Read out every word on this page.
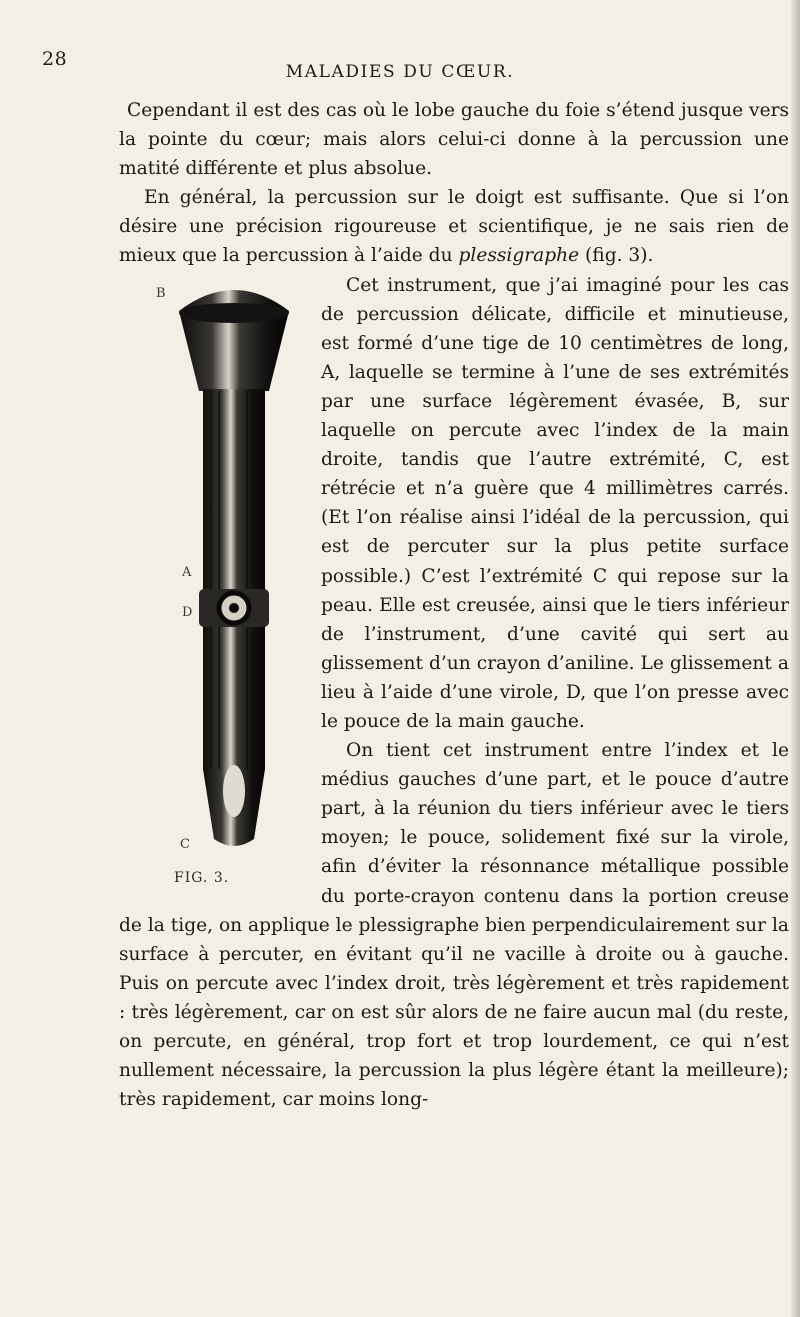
28
MALADIES DU CŒUR.

Cependant il est des cas où le lobe gauche du foie s’étend jusque vers la pointe du cœur; mais alors celui-ci donne à la percussion une matité différente et plus absolue.

En général, la percussion sur le doigt est suffisante. Que si l’on désire une précision rigoureuse et scientifique, je ne sais rien de mieux que la percussion à l’aide du plessigraphe (fig. 3).

B
A
D
C
FIG. 3.

Cet instrument, que j’ai imaginé pour les cas de percussion délicate, difficile et minutieuse, est formé d’une tige de 10 centimètres de long, A, laquelle se termine à l’une de ses extrémités par une surface légèrement évasée, B, sur laquelle on percute avec l’index de la main droite, tandis que l’autre extrémité, C, est rétrécie et n’a guère que 4 millimètres carrés. (Et l’on réalise ainsi l’idéal de la percussion, qui est de percuter sur la plus petite surface possible.) C’est l’extrémité C qui repose sur la peau. Elle est creusée, ainsi que le tiers inférieur de l’instrument, d’une cavité qui sert au glissement d’un crayon d’aniline. Le glissement a lieu à l’aide d’une virole, D, que l’on presse avec le pouce de la main gauche.

On tient cet instrument entre l’index et le médius gauches d’une part, et le pouce d’autre part, à la réunion du tiers inférieur avec le tiers moyen; le pouce, solidement fixé sur la virole, afin d’éviter la résonnance métallique possible du porte-crayon contenu dans la portion creuse de la tige, on applique le plessigraphe bien perpendiculairement sur la surface à percuter, en évitant qu’il ne vacille à droite ou à gauche. Puis on percute avec l’index droit, très légèrement et très rapidement : très légèrement, car on est sûr alors de ne faire aucun mal (du reste, on percute, en général, trop fort et trop lourdement, ce qui n’est nullement nécessaire, la percussion la plus légère étant la meilleure); très rapidement, car moins long-
